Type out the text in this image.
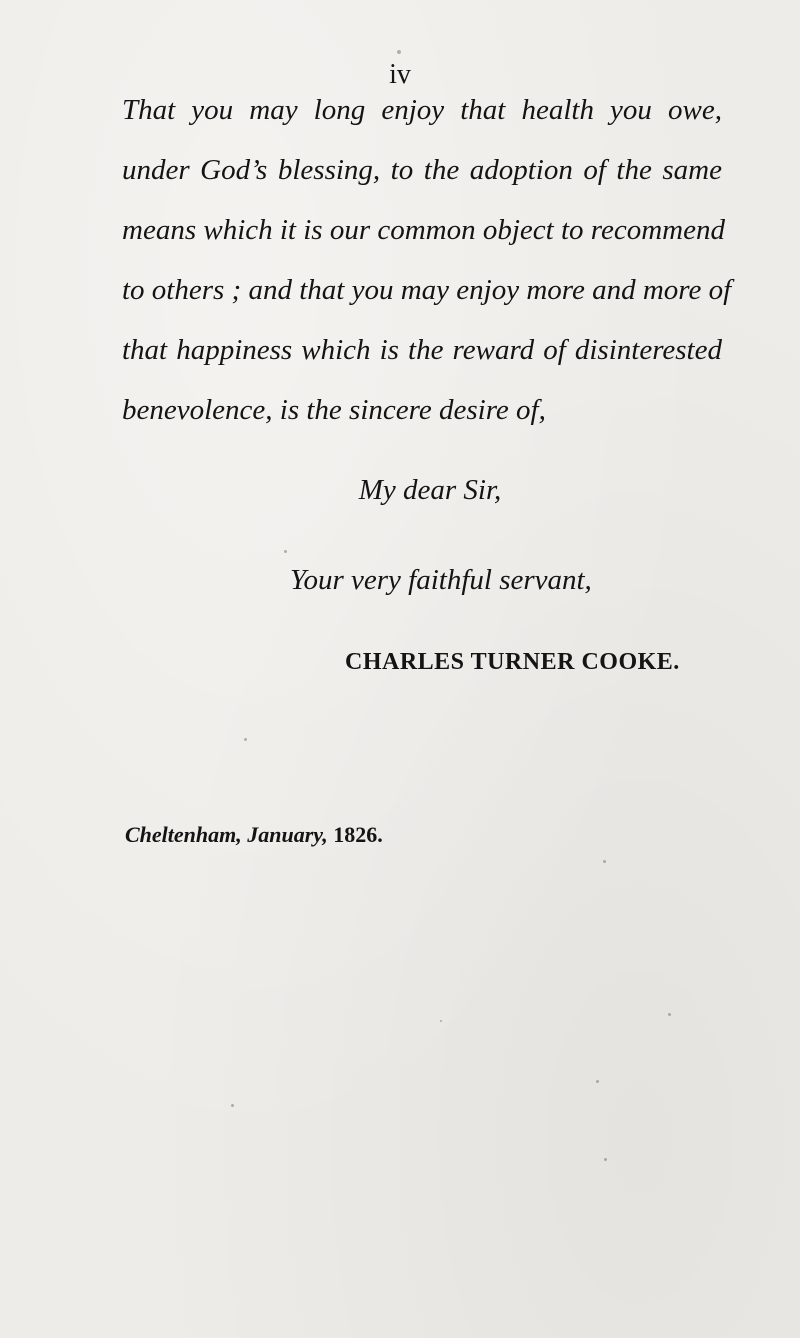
iv
That you may long enjoy that health you owe,
under God’s blessing, to the adoption of the same
means which it is our common object to recommend
to others ; and that you may enjoy more and more of
that happiness which is the reward of disinterested
benevolence, is the sincere desire of,
My dear Sir,
Your very faithful servant,
CHARLES TURNER COOKE.
Cheltenham, January, 1826.
